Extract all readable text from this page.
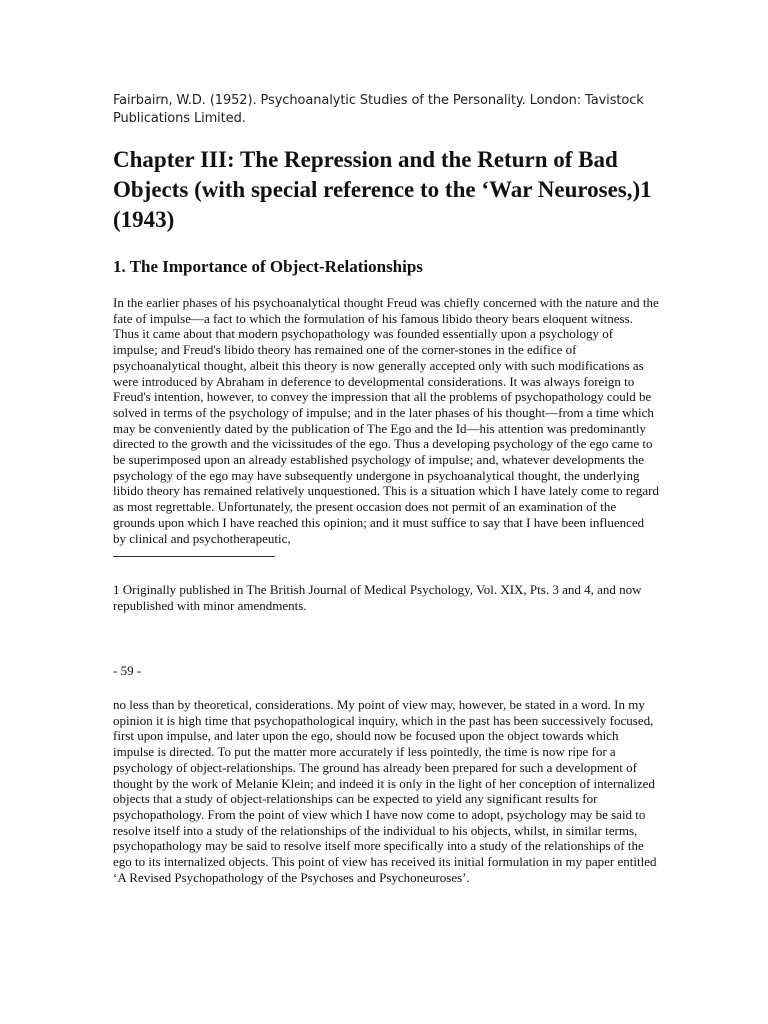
Fairbairn, W.D. (1952). Psychoanalytic Studies of the Personality. London: Tavistock Publications Limited.

Chapter III: The Repression and the Return of Bad Objects (with special reference to the ‘War Neuroses,)1 (1943)
1. The Importance of Object-Relationships

In the earlier phases of his psychoanalytical thought Freud was chiefly concerned with the nature and the fate of impulse—a fact to which the formulation of his famous libido theory bears eloquent witness. Thus it came about that modern psychopathology was founded essentially upon a psychology of impulse; and Freud's libido theory has remained one of the corner-stones in the edifice of psychoanalytical thought, albeit this theory is now generally accepted only with such modifications as were introduced by Abraham in deference to developmental considerations. It was always foreign to Freud's intention, however, to convey the impression that all the problems of psychopathology could be solved in terms of the psychology of impulse; and in the later phases of his thought—from a time which may be conveniently dated by the publication of The Ego and the Id—his attention was predominantly directed to the growth and the vicissitudes of the ego. Thus a developing psychology of the ego came to be superimposed upon an already established psychology of impulse; and, whatever developments the psychology of the ego may have subsequently undergone in psychoanalytical thought, the underlying libido theory has remained relatively unquestioned. This is a situation which I have lately come to regard as most regrettable. Unfortunately, the present occasion does not permit of an examination of the grounds upon which I have reached this opinion; and it must suffice to say that I have been influenced by clinical and psychotherapeutic,

1 Originally published in The British Journal of Medical Psychology, Vol. XIX, Pts. 3 and 4, and now republished with minor amendments.

- 59 -

no less than by theoretical, considerations. My point of view may, however, be stated in a word. In my opinion it is high time that psychopathological inquiry, which in the past has been successively focused, first upon impulse, and later upon the ego, should now be focused upon the object towards which impulse is directed. To put the matter more accurately if less pointedly, the time is now ripe for a psychology of object-relationships. The ground has already been prepared for such a development of thought by the work of Melanie Klein; and indeed it is only in the light of her conception of internalized objects that a study of object-relationships can be expected to yield any significant results for psychopathology. From the point of view which I have now come to adopt, psychology may be said to resolve itself into a study of the relationships of the individual to his objects, whilst, in similar terms, psychopathology may be said to resolve itself more specifically into a study of the relationships of the ego to its internalized objects. This point of view has received its initial formulation in my paper entitled ‘A Revised Psychopathology of the Psychoses and Psychoneuroses’.
